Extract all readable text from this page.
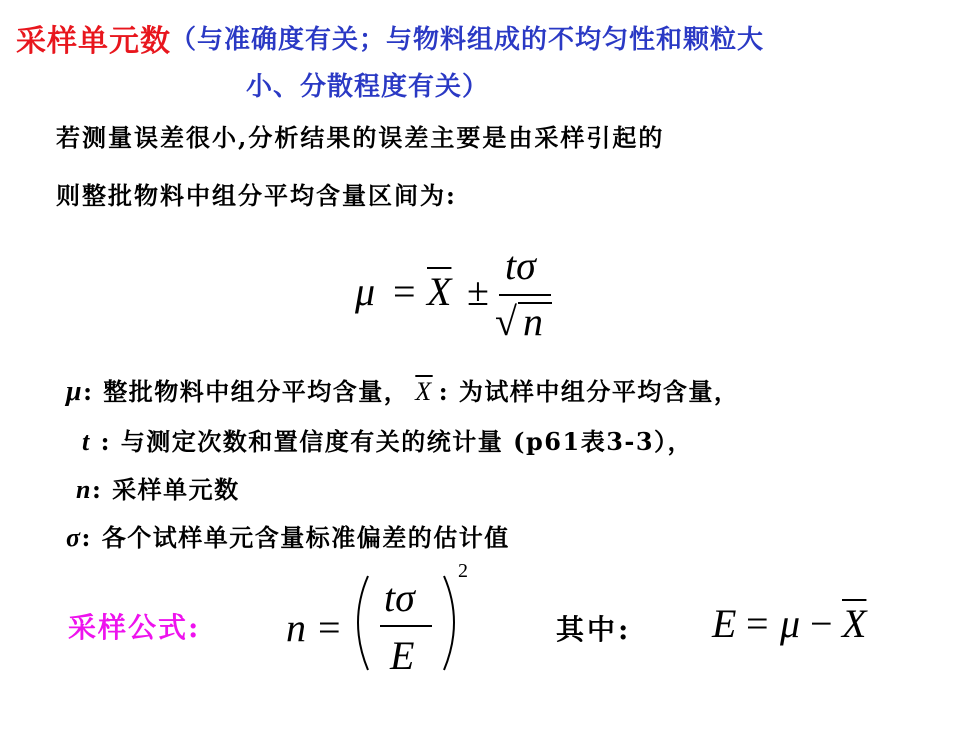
采样单元数 （与准确度有关；与物料组成的不均匀性和颗粒大
小、分散程度有关）
若测量误差很小,分析结果的误差主要是由采样引起的
则整批物料中组分平均含量区间为:
$\mu = \overline{X}$ ±
tσ
√ n
μ: 整批物料中组分平均含量， $\overline{X}$ : 为试样中组分平均含量，
t : 与测定次数和置信度有关的统计量 (p61表3-3），
n: 采样单元数
σ: 各个试样单元含量标准偏差的估计值
采样公式: n =
tσ
E
2
其中: $E = \mu - \overline{X}$
